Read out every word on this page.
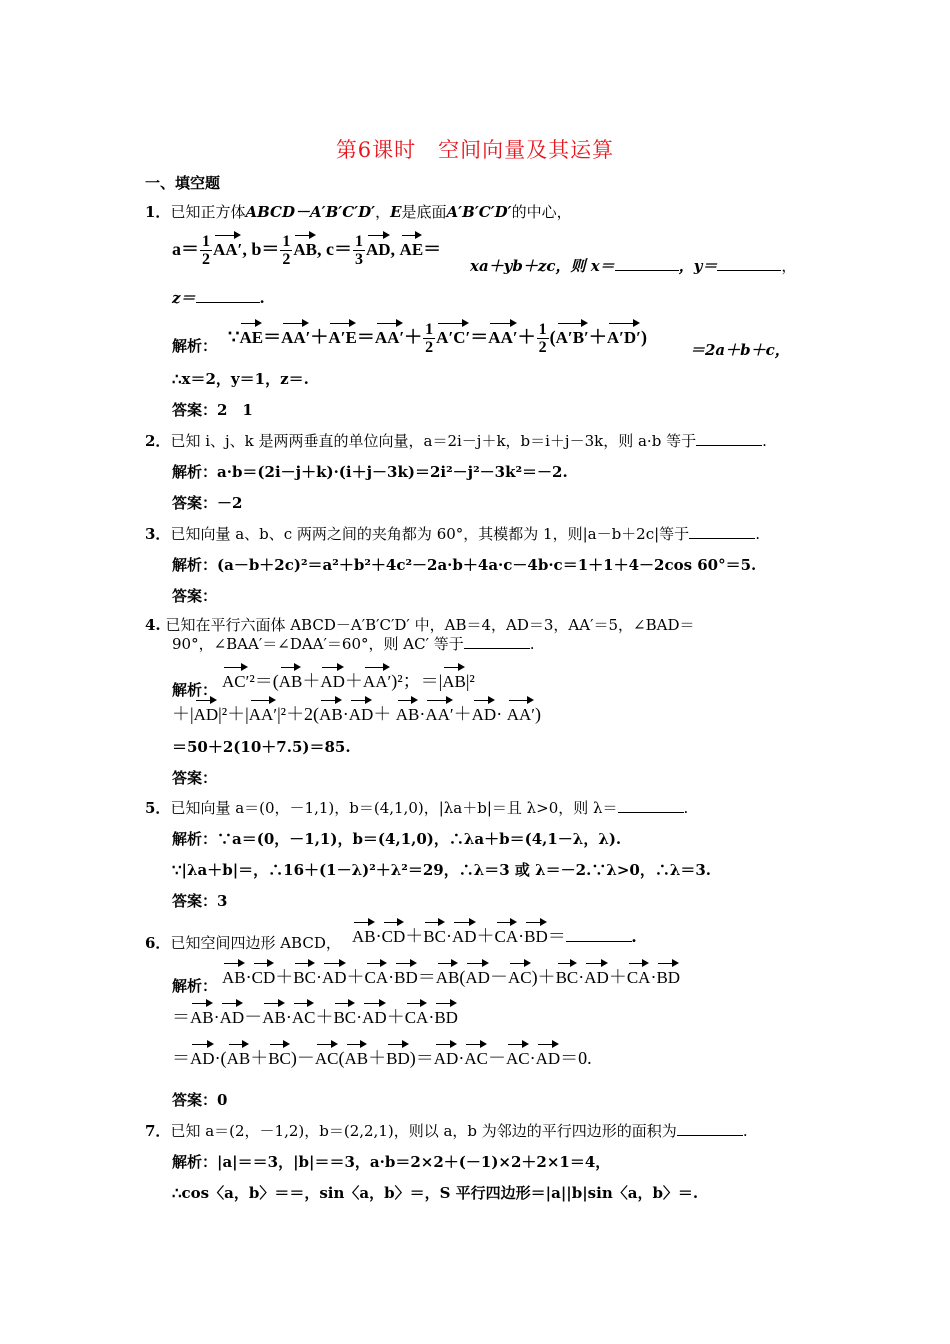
第6课时　空间向量及其运算
一、填空题
1．已知正方体ABCD－A′B′C′D′，E是底面A′B′C′D′的中心，
$a= \frac{1}{2} AA'$, $b= \frac{1}{2}$ AB, $c= \frac{1}{3}$ AD, AE＝
xa＋yb＋zc，则 x＝	，y＝	，
z＝	.
解析： ∵AE＝AA′＋A′E＝AA′＋ $\frac{1}{2} A'C'=AA'+ \frac{1}{2} (A'B'+A'D')$
＝2a＋b＋c，
∴x＝2，y＝1，z＝.
答案：2　1
2．已知 i、j、k 是两两垂直的单位向量，a＝2i－j＋k，b＝i＋j－3k，则 a·b 等于	.
解析：a·b＝(2i－j＋k)·(i＋j－3k)＝2i²－j²－3k²＝－2.
答案：－2
3．已知向量 a、b、c 两两之间的夹角都为 60°，其模都为 1，则|a－b＋2c|等于	.
解析：(a－b＋2c)²＝a²＋b²＋4c²－2a·b＋4a·c－4b·c＝1＋1＋4－2cos 60°＝5.
答案：
4. 已知在平行六面体 ABCD－A′B′C′D′ 中，AB＝4，AD＝3，AA′＝5，∠BAD＝
90°，∠BAA′＝∠DAA′＝60°，则 AC′ 等于	.
解析： AC′²＝(AB＋AD＋AA′)²；＝|AB|²
＋|AD|²＋|AA′|²＋2(AB·AD＋ AB·AA′＋AD· AA′)
＝50＋2(10＋7.5)＝85.
答案：
5．已知向量 a＝(0，－1,1)，b＝(4,1,0)，|λa＋b|＝且 λ>0，则 λ＝	.
解析：∵a＝(0，－1,1)，b＝(4,1,0)，∴λa＋b＝(4,1－λ，λ).
∵|λa＋b|＝，∴16＋(1－λ)²＋λ²＝29，∴λ＝3 或 λ＝－2.∵λ>0，∴λ＝3.
答案：3
6．已知空间四边形 ABCD， AB·CD＋BC·AD＋CA·BD＝	.
解析： AB·CD＋BC·AD＋CA·BD＝AB(AD－AC)＋BC·AD＋CA·BD
＝AB·AD－AB·AC＋BC·AD＋CA·BD
＝AD·(AB＋BC)－AC(AB＋BD)＝AD·AC－AC·AD＝0.
答案：0
7．已知 a＝(2，－1,2)，b＝(2,2,1)，则以 a，b 为邻边的平行四边形的面积为	.
解析：|a|＝＝3，|b|＝＝3，a·b＝2×2＋(－1)×2＋2×1＝4，
∴cos〈a，b〉＝＝，sin〈a，b〉＝，S 平行四边形＝|a||b|sin〈a，b〉＝.
